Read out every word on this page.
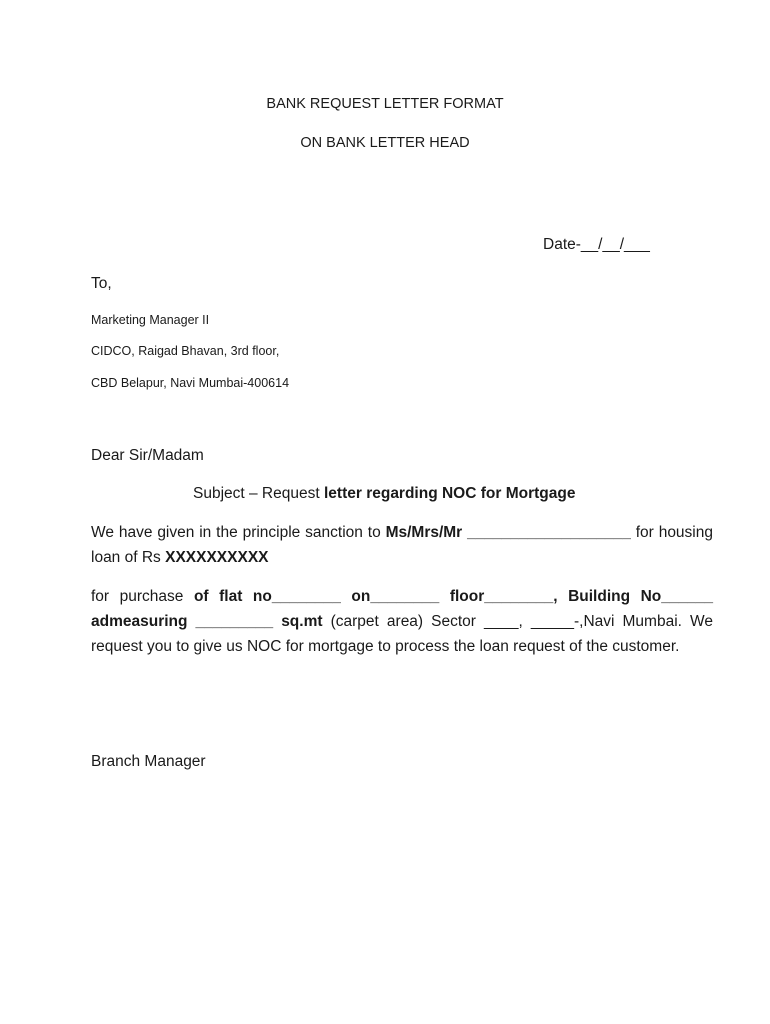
BANK REQUEST LETTER FORMAT
ON BANK LETTER HEAD
Date-__/__/___
To,
Marketing Manager II
CIDCO, Raigad Bhavan, 3rd floor,
CBD Belapur, Navi Mumbai-400614
Dear Sir/Madam
Subject – Request letter regarding NOC for Mortgage
We have given in the principle sanction to Ms/Mrs/Mr ___________________ for housing loan of Rs XXXXXXXXXX
for purchase of flat no________ on________ floor________, Building No______ admeasuring _________ sq.mt (carpet area) Sector ____, _____-,Navi Mumbai. We request you to give us NOC for mortgage to process the loan request of the customer.
Branch Manager
